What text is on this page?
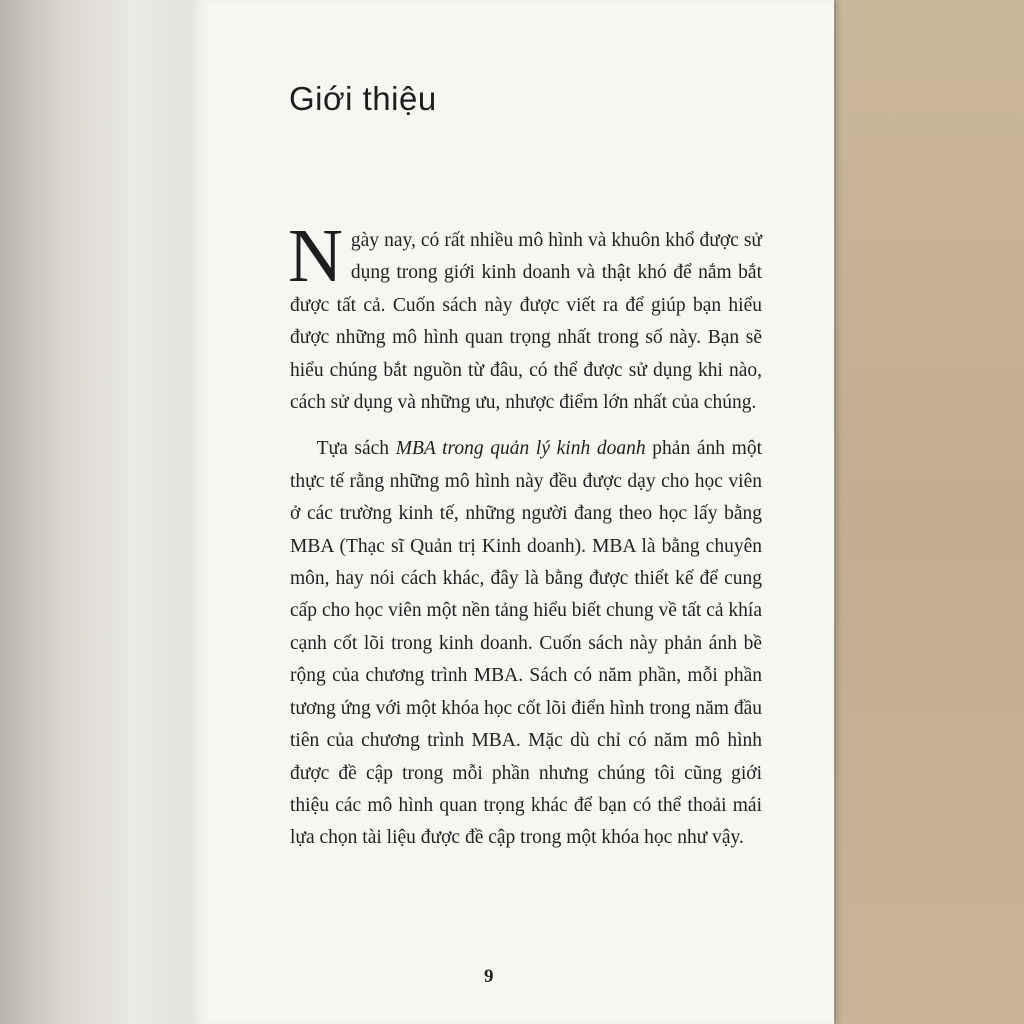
Giới thiệu

Ngày nay, có rất nhiều mô hình và khuôn khổ được sử dụng trong giới kinh doanh và thật khó để nắm bắt được tất cả. Cuốn sách này được viết ra để giúp bạn hiểu được những mô hình quan trọng nhất trong số này. Bạn sẽ hiểu chúng bắt nguồn từ đâu, có thể được sử dụng khi nào, cách sử dụng và những ưu, nhược điểm lớn nhất của chúng.

Tựa sách MBA trong quản lý kinh doanh phản ánh một thực tế rằng những mô hình này đều được dạy cho học viên ở các trường kinh tế, những người đang theo học lấy bằng MBA (Thạc sĩ Quản trị Kinh doanh). MBA là bằng chuyên môn, hay nói cách khác, đây là bằng được thiết kế để cung cấp cho học viên một nền tảng hiểu biết chung về tất cả khía cạnh cốt lõi trong kinh doanh. Cuốn sách này phản ánh bề rộng của chương trình MBA. Sách có năm phần, mỗi phần tương ứng với một khóa học cốt lõi điển hình trong năm đầu tiên của chương trình MBA. Mặc dù chỉ có năm mô hình được đề cập trong mỗi phần nhưng chúng tôi cũng giới thiệu các mô hình quan trọng khác để bạn có thể thoải mái lựa chọn tài liệu được đề cập trong một khóa học như vậy.

9
